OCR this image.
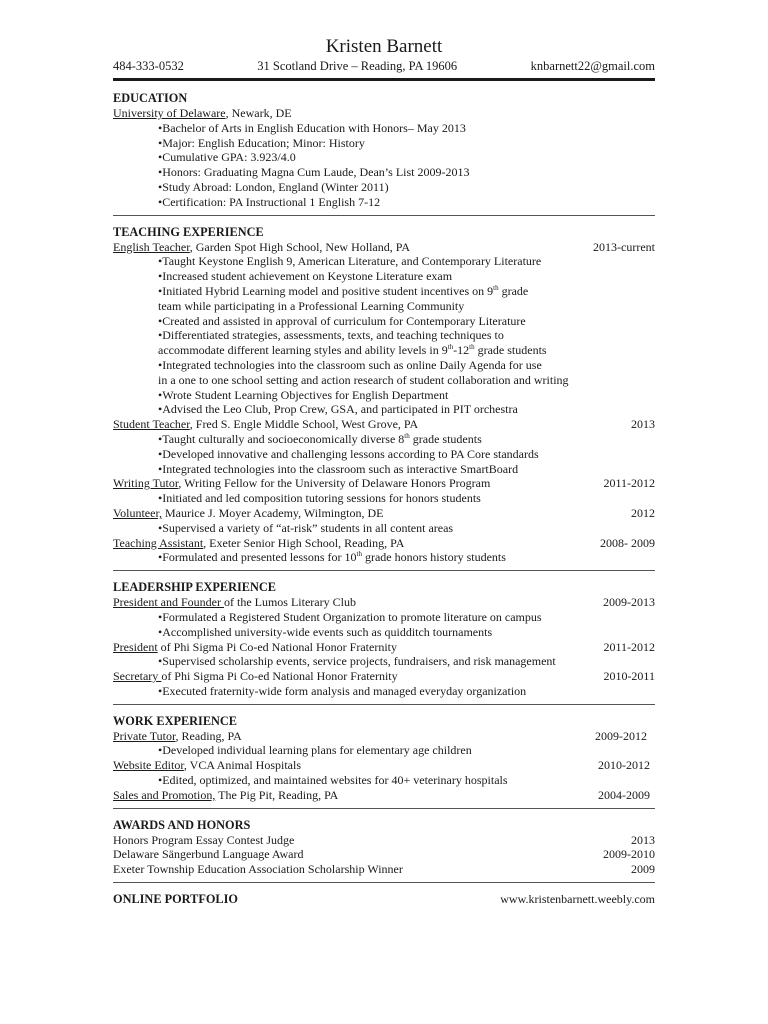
Kristen Barnett
484-333-0532	31 Scotland Drive – Reading, PA 19606	knbarnett22@gmail.com
EDUCATION
University of Delaware, Newark, DE
•Bachelor of Arts in English Education with Honors– May 2013
•Major: English Education; Minor: History
•Cumulative GPA: 3.923/4.0
•Honors: Graduating Magna Cum Laude, Dean’s List 2009-2013
•Study Abroad: London, England (Winter 2011)
•Certification: PA Instructional 1 English 7-12
TEACHING EXPERIENCE
English Teacher, Garden Spot High School, New Holland, PA	2013-current
•Taught Keystone English 9, American Literature, and Contemporary Literature
•Increased student achievement on Keystone Literature exam
•Initiated Hybrid Learning model and positive student incentives on 9th grade
team while participating in a Professional Learning Community
•Created and assisted in approval of curriculum for Contemporary Literature
•Differentiated strategies, assessments, texts, and teaching techniques to
accommodate different learning styles and ability levels in 9th-12th grade students
•Integrated technologies into the classroom such as online Daily Agenda for use
in a one to one school setting and action research of student collaboration and writing
•Wrote Student Learning Objectives for English Department
•Advised the Leo Club, Prop Crew, GSA, and participated in PIT orchestra
Student Teacher, Fred S. Engle Middle School, West Grove, PA	2013
•Taught culturally and socioeconomically diverse 8th grade students
•Developed innovative and challenging lessons according to PA Core standards
•Integrated technologies into the classroom such as interactive SmartBoard
Writing Tutor, Writing Fellow for the University of Delaware Honors Program	2011-2012
•Initiated and led composition tutoring sessions for honors students
Volunteer, Maurice J. Moyer Academy, Wilmington, DE	2012
•Supervised a variety of “at-risk” students in all content areas
Teaching Assistant, Exeter Senior High School, Reading, PA	2008- 2009
•Formulated and presented lessons for 10th grade honors history students
LEADERSHIP EXPERIENCE
President and Founder of the Lumos Literary Club	2009-2013
•Formulated a Registered Student Organization to promote literature on campus
•Accomplished university-wide events such as quidditch tournaments
President of Phi Sigma Pi Co-ed National Honor Fraternity	2011-2012
•Supervised scholarship events, service projects, fundraisers, and risk management
Secretary of Phi Sigma Pi Co-ed National Honor Fraternity	2010-2011
•Executed fraternity-wide form analysis and managed everyday organization
WORK EXPERIENCE
Private Tutor, Reading, PA	2009-2012
•Developed individual learning plans for elementary age children
Website Editor, VCA Animal Hospitals	2010-2012
•Edited, optimized, and maintained websites for 40+ veterinary hospitals
Sales and Promotion, The Pig Pit, Reading, PA	2004-2009
AWARDS AND HONORS
Honors Program Essay Contest Judge	2013
Delaware Sängerbund Language Award	2009-2010
Exeter Township Education Association Scholarship Winner	2009
ONLINE PORTFOLIO	www.kristenbarnett.weebly.com
